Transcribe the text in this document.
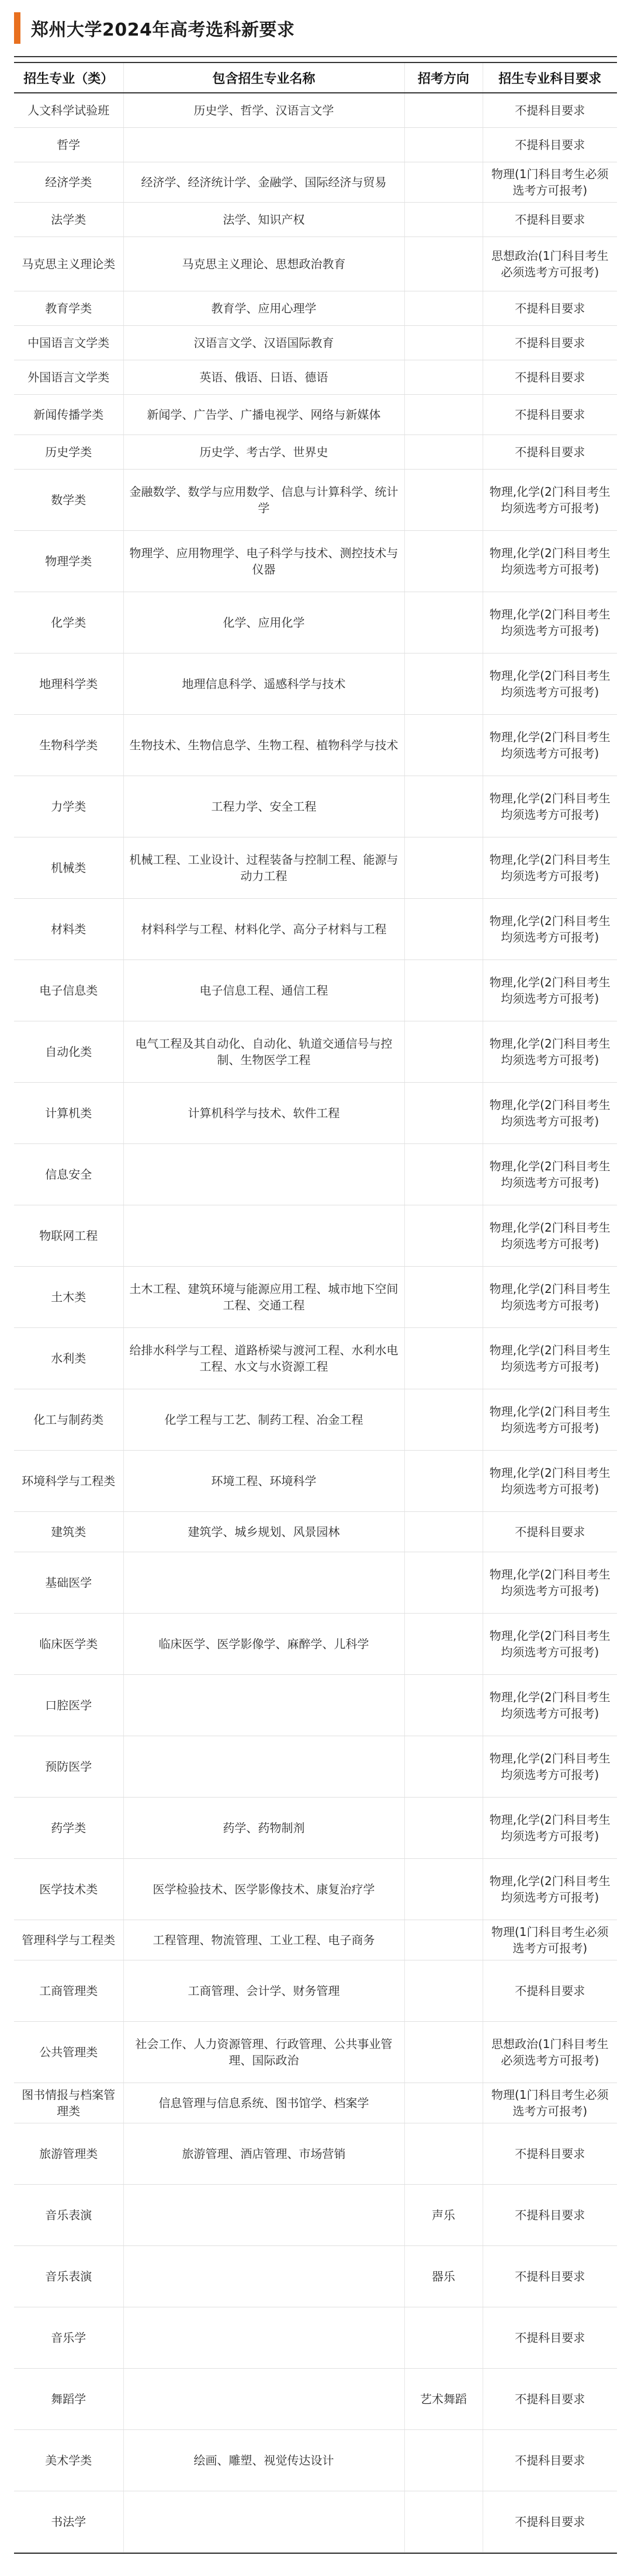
郑州大学2024年高考选科新要求
招生专业（类）	包含招生专业名称	招考方向	招生专业科目要求
人文科学试验班	历史学、哲学、汉语言文学		不提科目要求
哲学			不提科目要求
经济学类	经济学、经济统计学、金融学、国际经济与贸易		物理(1门科目考生必须选考方可报考)
法学类	法学、知识产权		不提科目要求
马克思主义理论类	马克思主义理论、思想政治教育		思想政治(1门科目考生必须选考方可报考)
教育学类	教育学、应用心理学		不提科目要求
中国语言文学类	汉语言文学、汉语国际教育		不提科目要求
外国语言文学类	英语、俄语、日语、德语		不提科目要求
新闻传播学类	新闻学、广告学、广播电视学、网络与新媒体		不提科目要求
历史学类	历史学、考古学、世界史		不提科目要求
数学类	金融数学、数学与应用数学、信息与计算科学、统计学		物理,化学(2门科目考生均须选考方可报考)
物理学类	物理学、应用物理学、电子科学与技术、测控技术与仪器		物理,化学(2门科目考生均须选考方可报考)
化学类	化学、应用化学		物理,化学(2门科目考生均须选考方可报考)
地理科学类	地理信息科学、遥感科学与技术		物理,化学(2门科目考生均须选考方可报考)
生物科学类	生物技术、生物信息学、生物工程、植物科学与技术		物理,化学(2门科目考生均须选考方可报考)
力学类	工程力学、安全工程		物理,化学(2门科目考生均须选考方可报考)
机械类	机械工程、工业设计、过程装备与控制工程、能源与动力工程		物理,化学(2门科目考生均须选考方可报考)
材料类	材料科学与工程、材料化学、高分子材料与工程		物理,化学(2门科目考生均须选考方可报考)
电子信息类	电子信息工程、通信工程		物理,化学(2门科目考生均须选考方可报考)
自动化类	电气工程及其自动化、自动化、轨道交通信号与控制、生物医学工程		物理,化学(2门科目考生均须选考方可报考)
计算机类	计算机科学与技术、软件工程		物理,化学(2门科目考生均须选考方可报考)
信息安全			物理,化学(2门科目考生均须选考方可报考)
物联网工程			物理,化学(2门科目考生均须选考方可报考)
土木类	土木工程、建筑环境与能源应用工程、城市地下空间工程、交通工程		物理,化学(2门科目考生均须选考方可报考)
水利类	给排水科学与工程、道路桥梁与渡河工程、水利水电工程、水文与水资源工程		物理,化学(2门科目考生均须选考方可报考)
化工与制药类	化学工程与工艺、制药工程、冶金工程		物理,化学(2门科目考生均须选考方可报考)
环境科学与工程类	环境工程、环境科学		物理,化学(2门科目考生均须选考方可报考)
建筑类	建筑学、城乡规划、风景园林		不提科目要求
基础医学			物理,化学(2门科目考生均须选考方可报考)
临床医学类	临床医学、医学影像学、麻醉学、儿科学		物理,化学(2门科目考生均须选考方可报考)
口腔医学			物理,化学(2门科目考生均须选考方可报考)
预防医学			物理,化学(2门科目考生均须选考方可报考)
药学类	药学、药物制剂		物理,化学(2门科目考生均须选考方可报考)
医学技术类	医学检验技术、医学影像技术、康复治疗学		物理,化学(2门科目考生均须选考方可报考)
管理科学与工程类	工程管理、物流管理、工业工程、电子商务		物理(1门科目考生必须选考方可报考)
工商管理类	工商管理、会计学、财务管理		不提科目要求
公共管理类	社会工作、人力资源管理、行政管理、公共事业管理、国际政治		思想政治(1门科目考生必须选考方可报考)
图书情报与档案管理类	信息管理与信息系统、图书馆学、档案学		物理(1门科目考生必须选考方可报考)
旅游管理类	旅游管理、酒店管理、市场营销		不提科目要求
音乐表演		声乐	不提科目要求
音乐表演		器乐	不提科目要求
音乐学			不提科目要求
舞蹈学		艺术舞蹈	不提科目要求
美术学类	绘画、雕塑、视觉传达设计		不提科目要求
书法学			不提科目要求
